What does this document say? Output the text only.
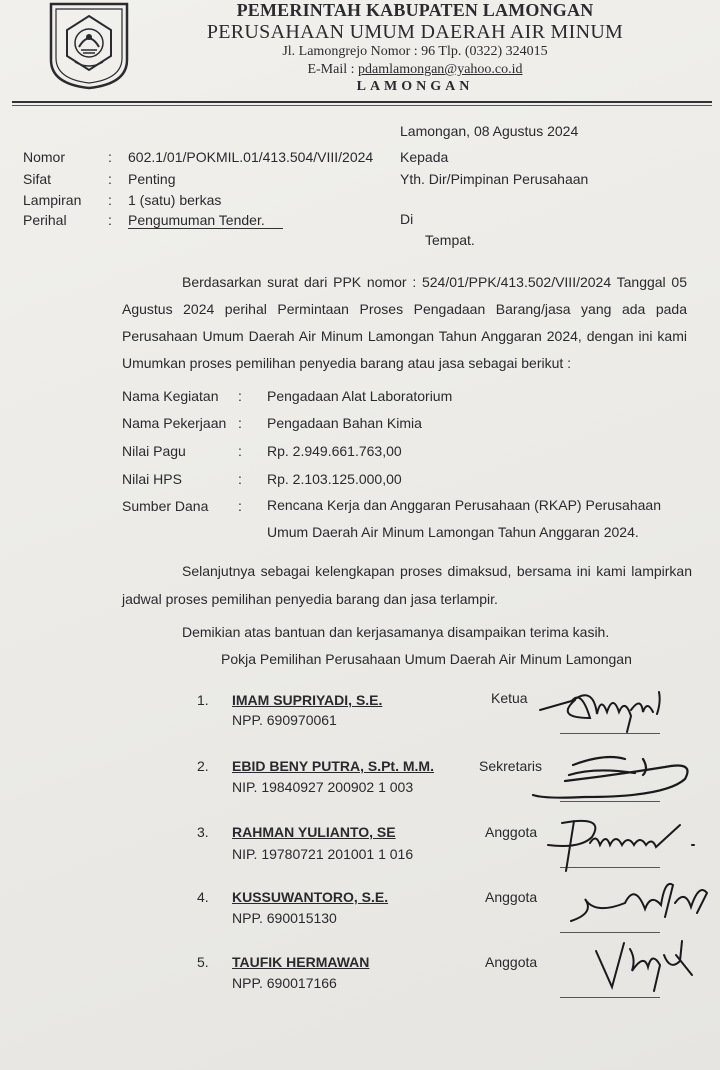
PEMERINTAH KABUPATEN LAMONGAN
PERUSAHAAN UMUM DAERAH AIR MINUM
Jl. Lamongrejo Nomor : 96 Tlp. (0322) 324015
E-Mail : pdamlamongan@yahoo.co.id
LAMONGAN
Lamongan, 08 Agustus 2024
Nomor	: 602.1/01/POKMIL.01/413.504/VIII/2024
Sifat	: Penting
Lampiran : 1 (satu) berkas
Perihal	: Pengumuman Tender.
Kepada
Yth. Dir/Pimpinan Perusahaan
Di
Tempat.
Berdasarkan surat dari PPK nomor : 524/01/PPK/413.502/VIII/2024 Tanggal 05 Agustus 2024 perihal Permintaan Proses Pengadaan Barang/jasa yang ada pada Perusahaan Umum Daerah Air Minum Lamongan Tahun Anggaran 2024, dengan ini kami Umumkan proses pemilihan penyedia barang atau jasa sebagai berikut :
Nama Kegiatan : Pengadaan Alat Laboratorium
Nama Pekerjaan : Pengadaan Bahan Kimia
Nilai Pagu	: Rp. 2.949.661.763,00
Nilai HPS	: Rp. 2.103.125.000,00
Sumber Dana : Rencana Kerja dan Anggaran Perusahaan (RKAP) Perusahaan
Umum Daerah Air Minum Lamongan Tahun Anggaran 2024.
Selanjutnya sebagai kelengkapan proses dimaksud, bersama ini kami lampirkan jadwal proses pemilihan penyedia barang dan jasa terlampir.
Demikian atas bantuan dan kerjasamanya disampaikan terima kasih.
Pokja Pemilihan Perusahaan Umum Daerah Air Minum Lamongan
1. IMAM SUPRIYADI, S.E.
NPP. 690970061
Ketua
2. EBID BENY PUTRA, S.Pt. M.M.
NIP. 19840927 200902 1 003
Sekretaris
3. RAHMAN YULIANTO, SE
NIP. 19780721 201001 1 016
Anggota
4. KUSSUWANTORO, S.E.
NPP. 690015130
Anggota
5. TAUFIK HERMAWAN
NPP. 690017166
Anggota
